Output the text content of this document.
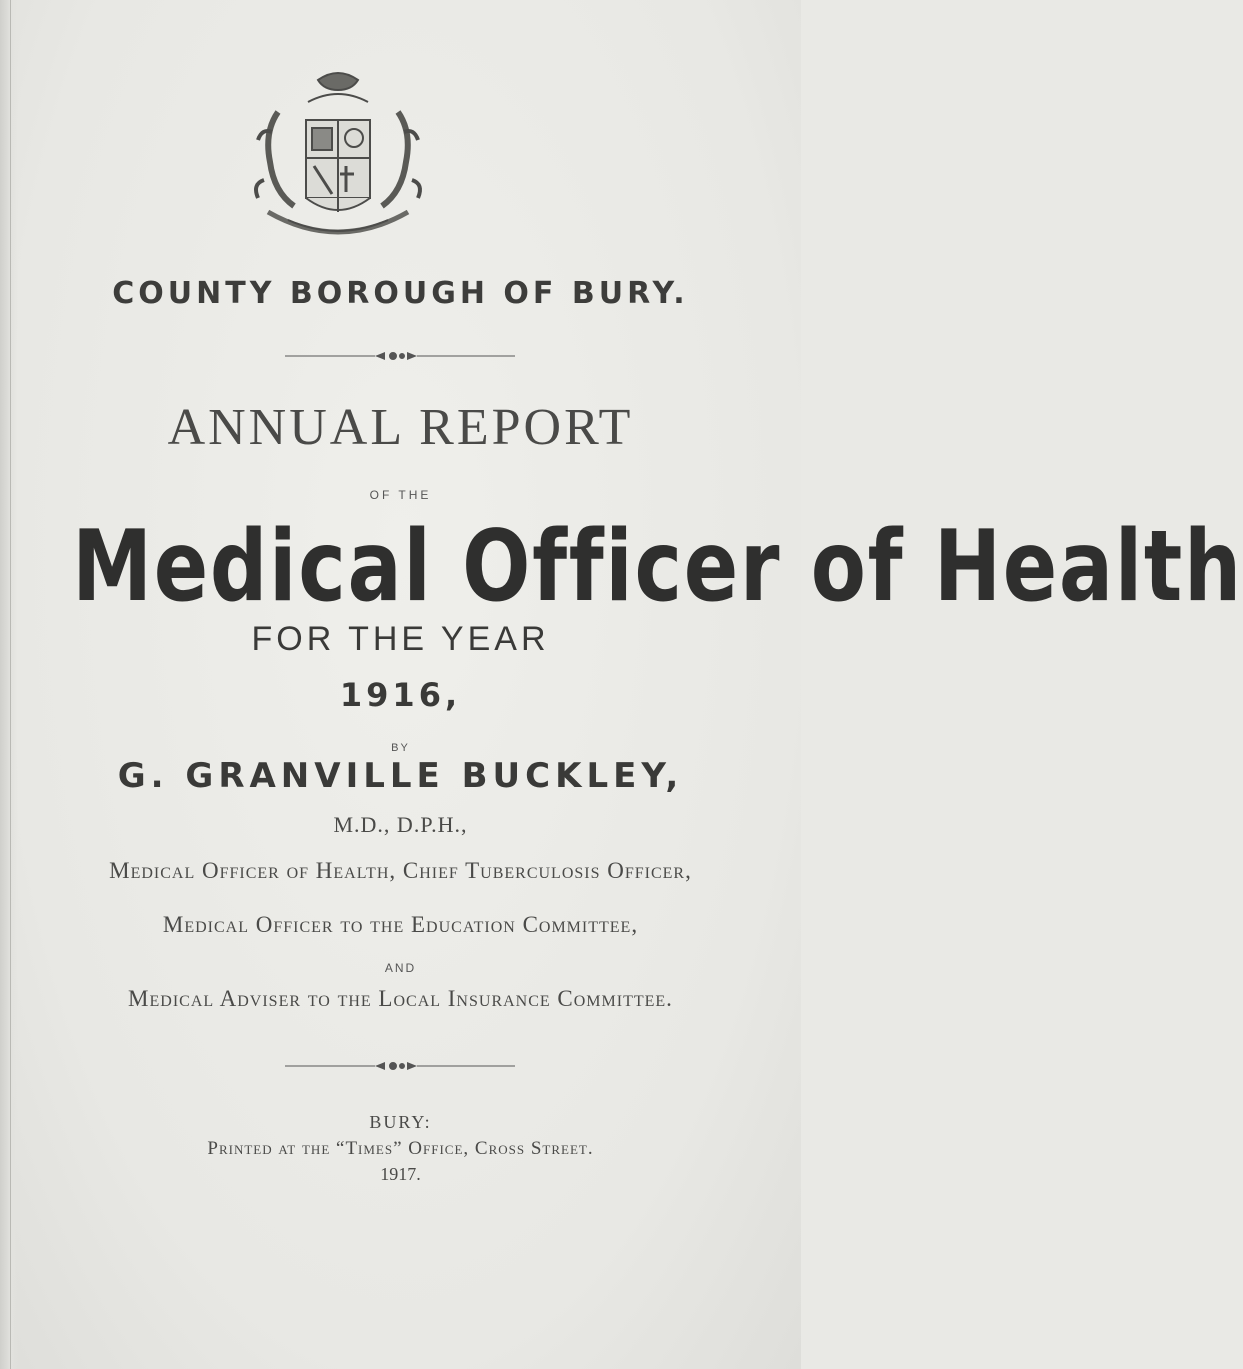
COUNTY BOROUGH OF BURY.
ANNUAL REPORT
OF THE
Medical Officer of Health
FOR THE YEAR
1916,
BY
G. GRANVILLE BUCKLEY,
M.D., D.P.H.,
Medical Officer of Health, Chief Tuberculosis Officer,
Medical Officer to the Education Committee,
AND
Medical Adviser to the Local Insurance Committee.
BURY:
Printed at the “Times” Office, Cross Street.
1917.
